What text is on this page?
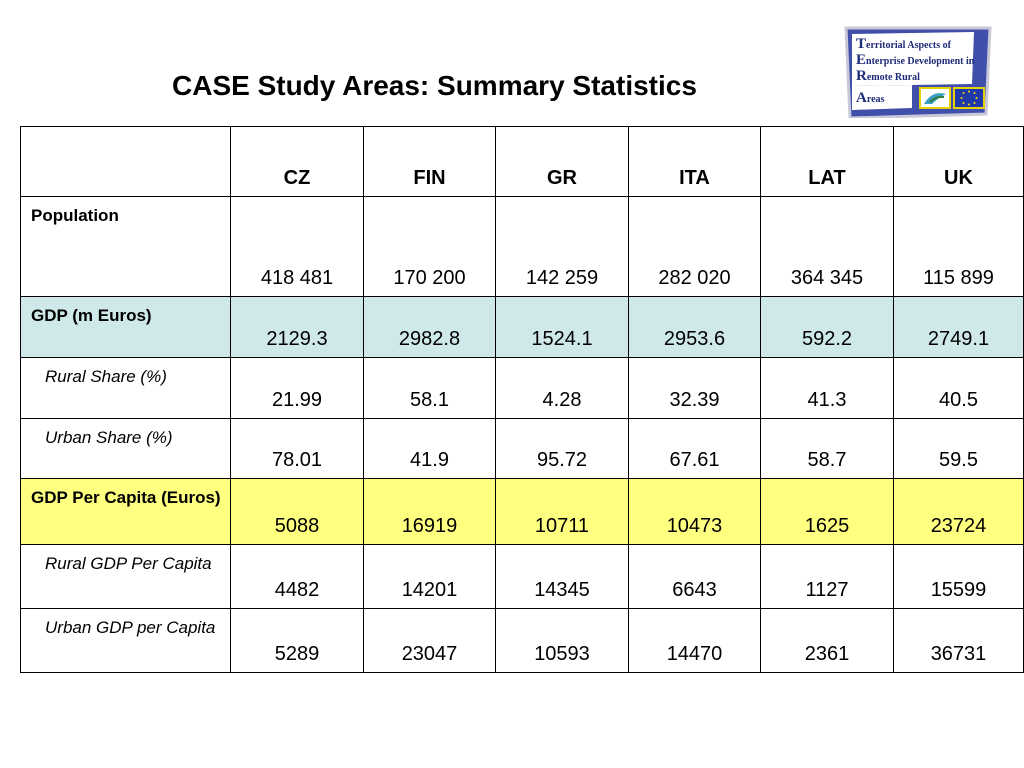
CASE Study Areas: Summary Statistics
Territorial Aspects of
Enterprise Development in
Remote Rural
Areas
	CZ	FIN	GR	ITA	LAT	UK
Population	418 481	170 200	142 259	282 020	364 345	115 899
GDP (m Euros)	2129.3	2982.8	1524.1	2953.6	592.2	2749.1
Rural Share (%)	21.99	58.1	4.28	32.39	41.3	40.5
Urban Share (%)	78.01	41.9	95.72	67.61	58.7	59.5
GDP Per Capita (Euros)	5088	16919	10711	10473	1625	23724
Rural GDP Per Capita	4482	14201	14345	6643	1127	15599
Urban GDP per Capita	5289	23047	10593	14470	2361	36731
